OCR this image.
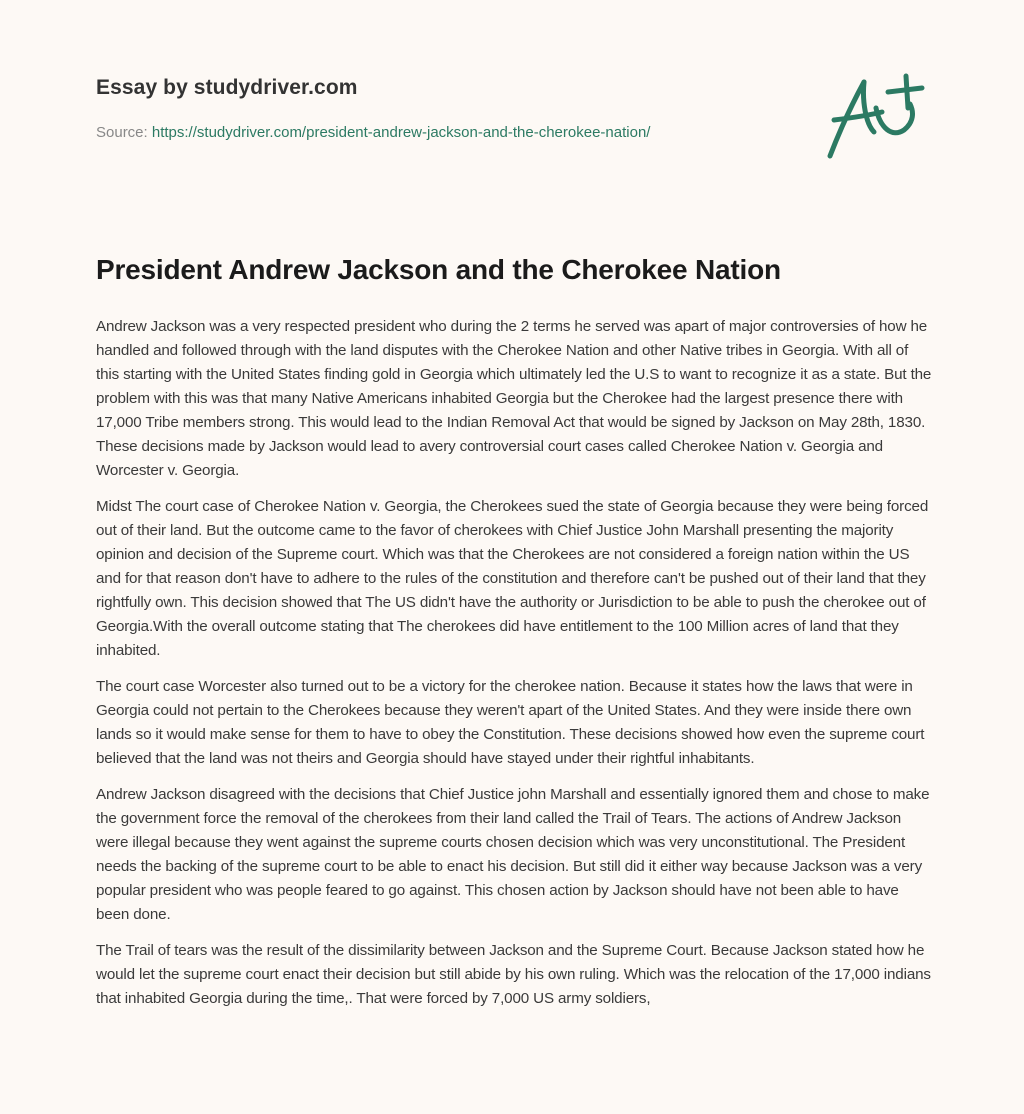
Essay by studydriver.com
Source: https://studydriver.com/president-andrew-jackson-and-the-cherokee-nation/
President Andrew Jackson and the Cherokee Nation

Andrew Jackson was a very respected president who during the 2 terms he served was apart of major controversies of how he handled and followed through with the land disputes with the Cherokee Nation and other Native tribes in Georgia. With all of this starting with the United States finding gold in Georgia which ultimately led the U.S to want to recognize it as a state. But the problem with this was that many Native Americans inhabited Georgia but the Cherokee had the largest presence there with 17,000 Tribe members strong. This would lead to the Indian Removal Act that would be signed by Jackson on May 28th, 1830. These decisions made by Jackson would lead to avery controversial court cases called Cherokee Nation v. Georgia and Worcester v. Georgia.

Midst The court case of Cherokee Nation v. Georgia, the Cherokees sued the state of Georgia because they were being forced out of their land. But the outcome came to the favor of cherokees with Chief Justice John Marshall presenting the majority opinion and decision of the Supreme court. Which was that the Cherokees are not considered a foreign nation within the US and for that reason don't have to adhere to the rules of the constitution and therefore can't be pushed out of their land that they rightfully own. This decision showed that The US didn't have the authority or Jurisdiction to be able to push the cherokee out of Georgia.With the overall outcome stating that The cherokees did have entitlement to the 100 Million acres of land that they inhabited.

The court case Worcester also turned out to be a victory for the cherokee nation. Because it states how the laws that were in Georgia could not pertain to the Cherokees because they weren't apart of the United States. And they were inside there own lands so it would make sense for them to have to obey the Constitution. These decisions showed how even the supreme court believed that the land was not theirs and Georgia should have stayed under their rightful inhabitants.

Andrew Jackson disagreed with the decisions that Chief Justice john Marshall and essentially ignored them and chose to make the government force the removal of the cherokees from their land called the Trail of Tears. The actions of Andrew Jackson were illegal because they went against the supreme courts chosen decision which was very unconstitutional. The President needs the backing of the supreme court to be able to enact his decision. But still did it either way because Jackson was a very popular president who was people feared to go against. This chosen action by Jackson should have not been able to have been done.

The Trail of tears was the result of the dissimilarity between Jackson and the Supreme Court. Because Jackson stated how he would let the supreme court enact their decision but still abide by his own ruling. Which was the relocation of the 17,000 indians that inhabited Georgia during the time,. That were forced by 7,000 US army soldiers,
